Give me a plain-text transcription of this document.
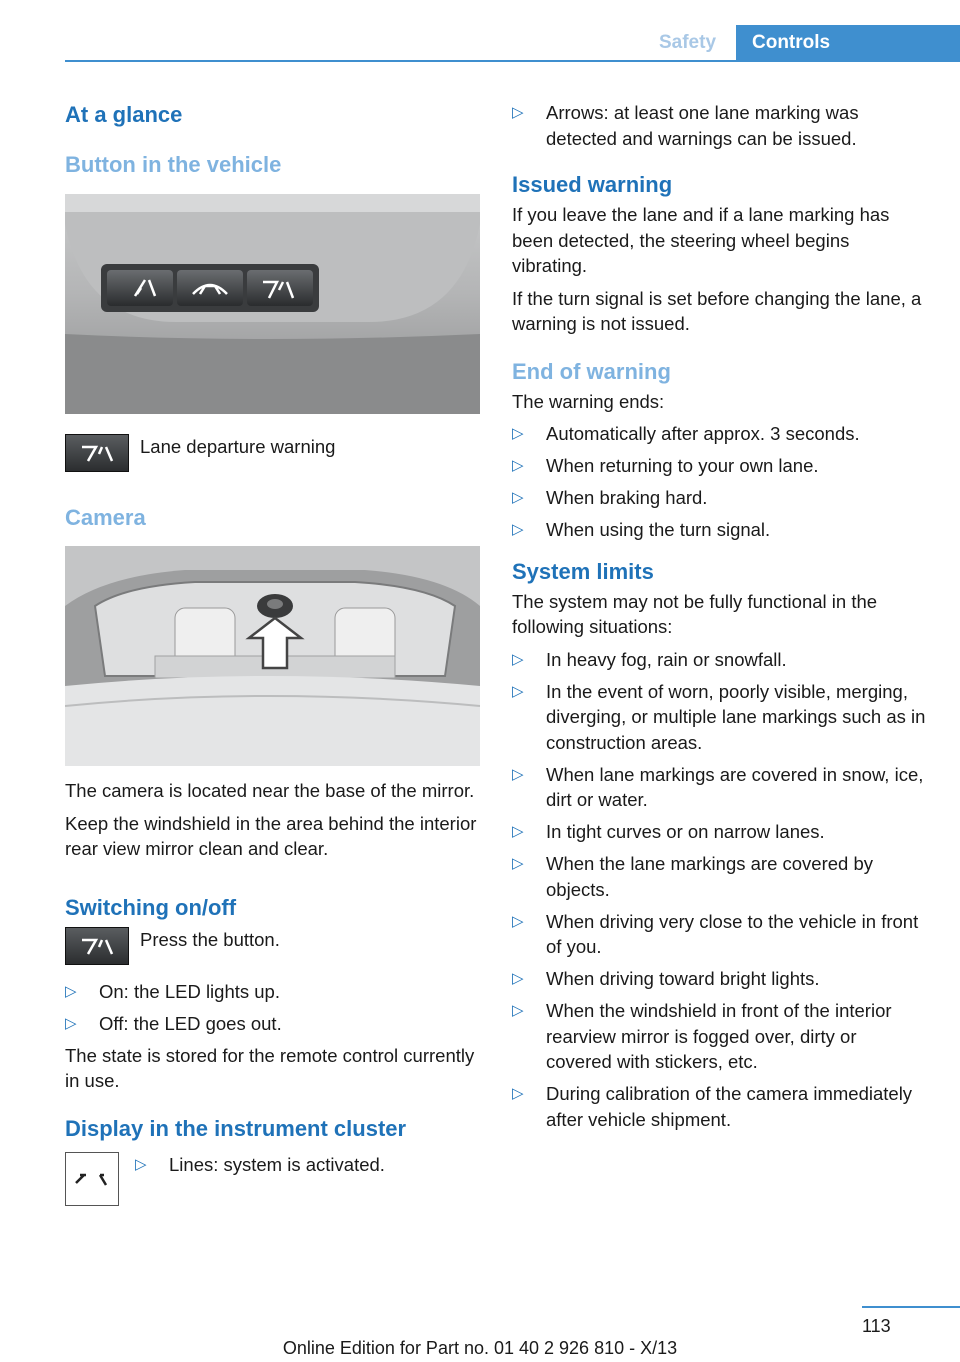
Safety	Controls
At a glance
Button in the vehicle

Lane departure warning

Camera

The camera is located near the base of the mirror.

Keep the windshield in the area behind the interior rear view mirror clean and clear.

Switching on/off

Press the button.

▷ On: the LED lights up.
▷ Off: the LED goes out.

The state is stored for the remote control currently in use.

Display in the instrument cluster
▷ Lines: system is activated.
▷ Arrows: at least one lane marking was detected and warnings can be issued.
Issued warning

If you leave the lane and if a lane marking has been detected, the steering wheel begins vibrating.

If the turn signal is set before changing the lane, a warning is not issued.

End of warning

The warning ends:

▷ Automatically after approx. 3 seconds.
▷ When returning to your own lane.
▷ When braking hard.
▷ When using the turn signal.
System limits

The system may not be fully functional in the following situations:

▷ In heavy fog, rain or snowfall.
▷ In the event of worn, poorly visible, merging, diverging, or multiple lane markings such as in construction areas.
▷ When lane markings are covered in snow, ice, dirt or water.
▷ In tight curves or on narrow lanes.
▷ When the lane markings are covered by objects.
▷ When driving very close to the vehicle in front of you.
▷ When driving toward bright lights.
▷ When the windshield in front of the interior rearview mirror is fogged over, dirty or covered with stickers, etc.
▷ During calibration of the camera immediately after vehicle shipment.
113
Online Edition for Part no. 01 40 2 926 810 - X/13
